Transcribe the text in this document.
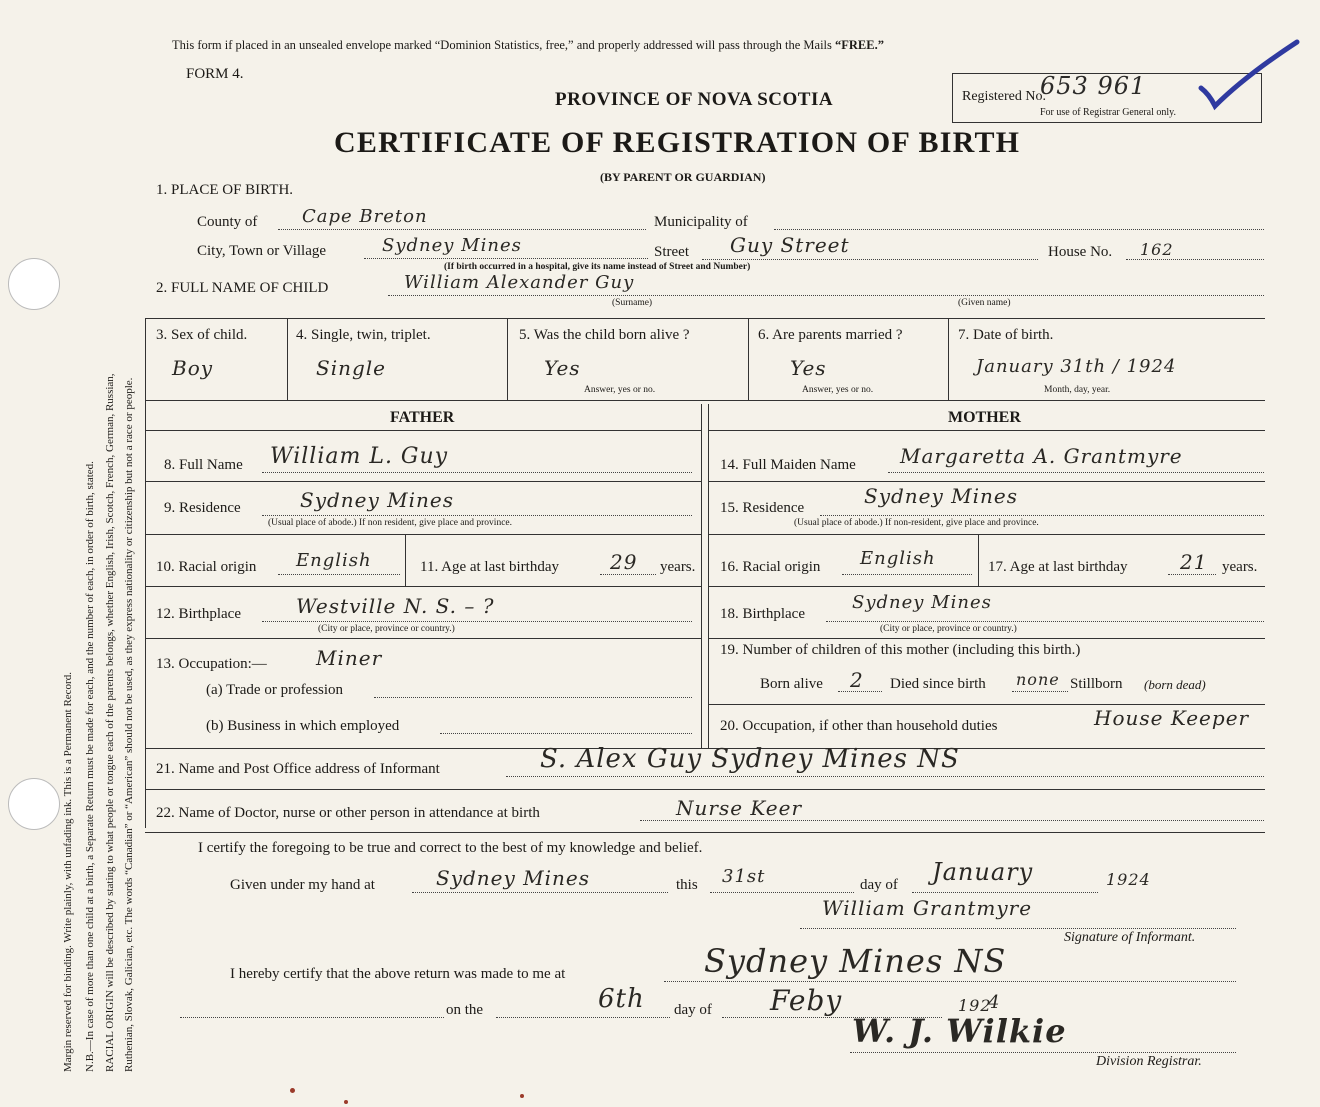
Margin reserved for binding. Write plainly, with unfading ink. This is a Permanent Record. N.B.—In case of more than one child at a birth, a Separate Return must be made for each, and the number of each, in order of birth, stated. RACIAL ORIGIN will be described by stating to what people or tongue each of the parents belongs, whether English, Irish, Scotch, French, German, Russian, Ruthenian, Slovak, Galician, etc. The words “Canadian” or “American” should not be used, as they express nationality or citizenship but not a race or people.
This form if placed in an unsealed envelope marked “Dominion Statistics, free,” and properly addressed will pass through the Mails “FREE.”
FORM 4.
PROVINCE OF NOVA SCOTIA
CERTIFICATE OF REGISTRATION OF BIRTH
(BY PARENT OR GUARDIAN)
Registered No.
653 961
For use of Registrar General only.
1. PLACE OF BIRTH.
County of Cape Breton	Municipality of
City, Town or Village	Sydney Mines	Street Guy Street	House No. 162
(If birth occurred in a hospital, give its name instead of Street and Number)
2. FULL NAME OF CHILD	William Alexander Guy
(Surname)	(Given name)
3. Sex of child.
Boy
4. Single, twin, triplet.
Single
5. Was the child born alive ?
Yes
Answer, yes or no.
6. Are parents married ?
Yes
Answer, yes or no.
7. Date of birth.
January 31th / 1924
Month, day, year.
FATHER	MOTHER
8. Full Name William L. Guy
9. Residence	Sydney Mines
(Usual place of abode.) If non resident, give place and province.
10. Racial origin English	11. Age at last birthday	29 years.
12. Birthplace	Westville N. S. – ?
(City or place, province or country.)
13. Occupation:— Miner
(a) Trade or profession
(b) Business in which employed
14. Full Maiden Name Margaretta A. Grantmyre
15. Residence	Sydney Mines
(Usual place of abode.) If non-resident, give place and province.
16. Racial origin English	17. Age at last birthday	21 years.
18. Birthplace
Sydney Mines
(City or place, province or country.)
19. Number of children of this mother (including this birth.)
Born alive 2 Died since birth none Stillborn (born dead)
20. Occupation, if other than household duties	House Keeper
21. Name and Post Office address of Informant	S. Alex Guy Sydney Mines NS
22. Name of Doctor, nurse or other person in attendance at birth	Nurse Keer
I certify the foregoing to be true and correct to the best of my knowledge and belief.
Given under my hand at	Sydney Mines	this 31st	day of January	1924
William Grantmyre
Signature of Informant.
I hereby certify that the above return was made to me at	Sydney Mines NS
on the	6th day of Feby	192
4
W. J. Wilkie
Division Registrar.
